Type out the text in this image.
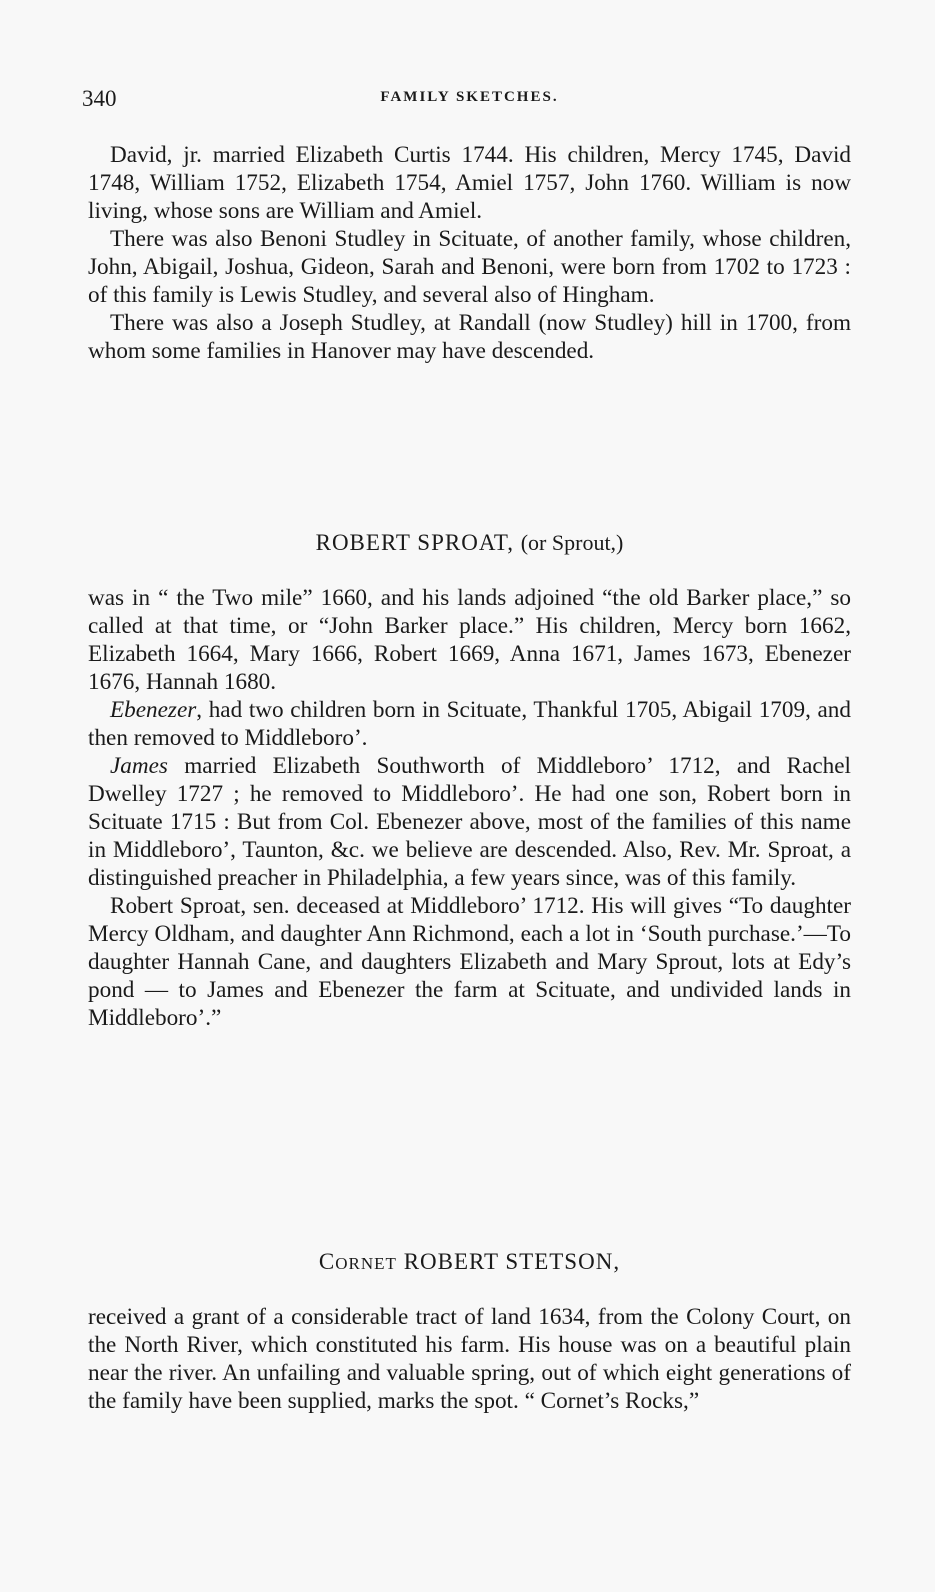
340	FAMILY SKETCHES.

David, jr. married Elizabeth Curtis 1744. His children, Mercy 1745, David 1748, William 1752, Elizabeth 1754, Amiel 1757, John 1760. William is now living, whose sons are William and Amiel.

There was also Benoni Studley in Scituate, of another family, whose children, John, Abigail, Joshua, Gideon, Sarah and Benoni, were born from 1702 to 1723 : of this family is Lewis Studley, and several also of Hingham.

There was also a Joseph Studley, at Randall (now Studley) hill in 1700, from whom some families in Hanover may have descended.

ROBERT SPROAT, (or Sprout,)

was in “ the Two mile” 1660, and his lands adjoined “the old Barker place,” so called at that time, or “John Barker place.” His children, Mercy born 1662, Elizabeth 1664, Mary 1666, Robert 1669, Anna 1671, James 1673, Ebenezer 1676, Hannah 1680.

Ebenezer, had two children born in Scituate, Thankful 1705, Abigail 1709, and then removed to Middleboro’.

James married Elizabeth Southworth of Middleboro’ 1712, and Rachel Dwelley 1727 ; he removed to Middleboro’. He had one son, Robert born in Scituate 1715 : But from Col. Ebenezer above, most of the families of this name in Middleboro’, Taunton, &c. we believe are descended. Also, Rev. Mr. Sproat, a distinguished preacher in Philadelphia, a few years since, was of this family.

Robert Sproat, sen. deceased at Middleboro’ 1712. His will gives “To daughter Mercy Oldham, and daughter Ann Richmond, each a lot in ‘South purchase.’—To daughter Hannah Cane, and daughters Elizabeth and Mary Sprout, lots at Edy’s pond — to James and Ebenezer the farm at Scituate, and undivided lands in Middleboro’.”

CORNET ROBERT STETSON,

received a grant of a considerable tract of land 1634, from the Colony Court, on the North River, which constituted his farm. His house was on a beautiful plain near the river. An unfailing and valuable spring, out of which eight generations of the family have been supplied, marks the spot. “ Cornet’s Rocks,”
